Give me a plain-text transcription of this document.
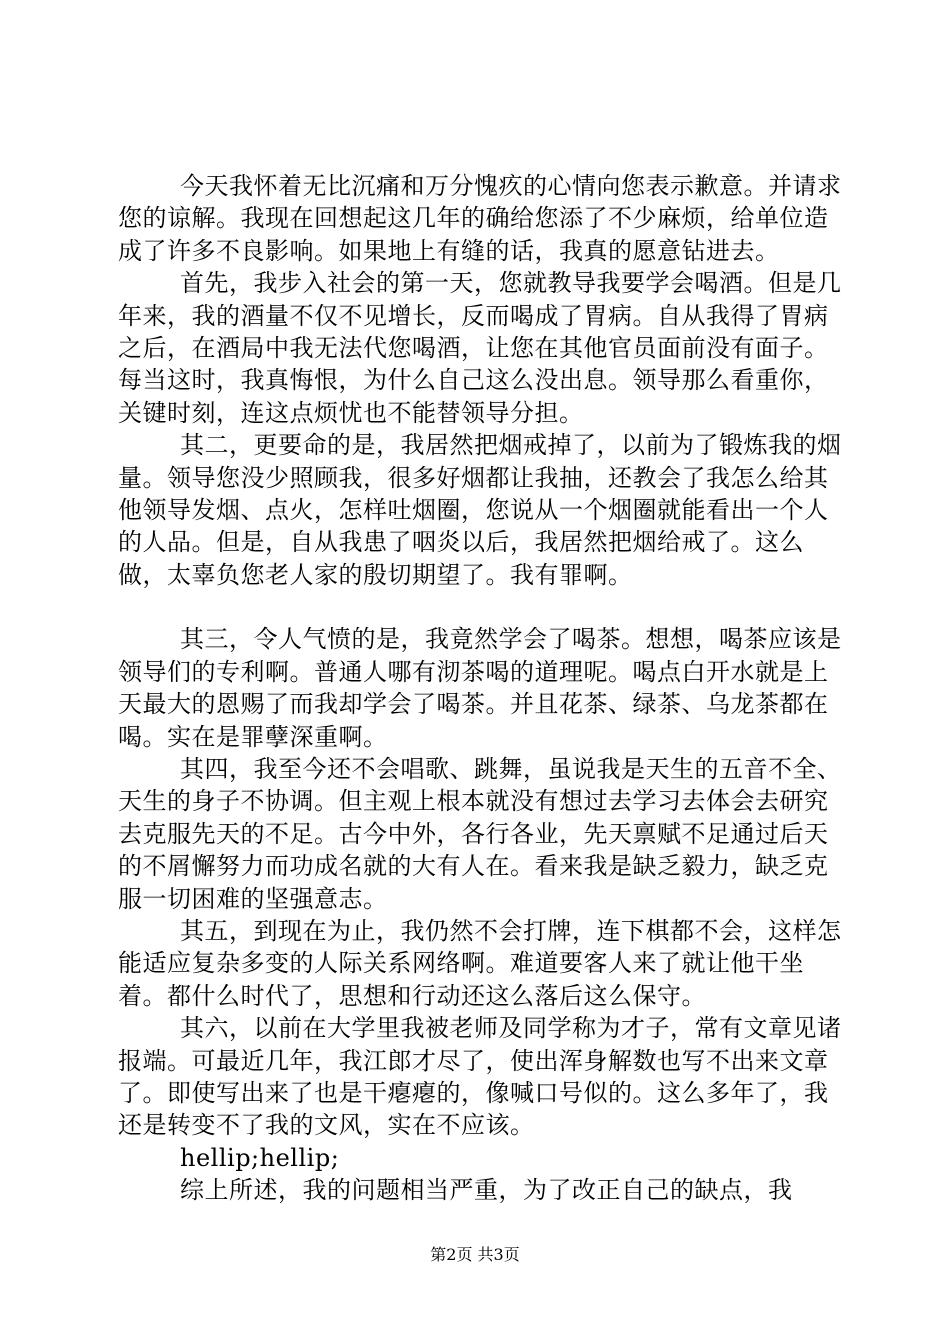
今天我怀着无比沉痛和万分愧疚的心情向您表示歉意。并请求您的谅解。我现在回想起这几年的确给您添了不少麻烦，给单位造成了许多不良影响。如果地上有缝的话，我真的愿意钻进去。

首先，我步入社会的第一天，您就教导我要学会喝酒。但是几年来，我的酒量不仅不见增长，反而喝成了胃病。自从我得了胃病之后，在酒局中我无法代您喝酒，让您在其他官员面前没有面子。每当这时，我真悔恨，为什么自己这么没出息。领导那么看重你，关键时刻，连这点烦忧也不能替领导分担。

其二，更要命的是，我居然把烟戒掉了，以前为了锻炼我的烟量。领导您没少照顾我，很多好烟都让我抽，还教会了我怎么给其他领导发烟、点火，怎样吐烟圈，您说从一个烟圈就能看出一个人的人品。但是，自从我患了咽炎以后，我居然把烟给戒了。这么做，太辜负您老人家的殷切期望了。我有罪啊。

其三，令人气愤的是，我竟然学会了喝茶。想想，喝茶应该是领导们的专利啊。普通人哪有沏茶喝的道理呢。喝点白开水就是上天最大的恩赐了而我却学会了喝茶。并且花茶、绿茶、乌龙茶都在喝。实在是罪孽深重啊。

其四，我至今还不会唱歌、跳舞，虽说我是天生的五音不全、天生的身子不协调。但主观上根本就没有想过去学习去体会去研究去克服先天的不足。古今中外，各行各业，先天禀赋不足通过后天的不屑懈努力而功成名就的大有人在。看来我是缺乏毅力，缺乏克服一切困难的坚强意志。

其五，到现在为止，我仍然不会打牌，连下棋都不会，这样怎能适应复杂多变的人际关系网络啊。难道要客人来了就让他干坐着。都什么时代了，思想和行动还这么落后这么保守。

其六，以前在大学里我被老师及同学称为才子，常有文章见诸报端。可最近几年，我江郎才尽了，使出浑身解数也写不出来文章了。即使写出来了也是干瘪瘪的，像喊口号似的。这么多年了，我还是转变不了我的文风，实在不应该。

hellip;hellip;

综上所述，我的问题相当严重，为了改正自己的缺点，我

第2页 共3页
